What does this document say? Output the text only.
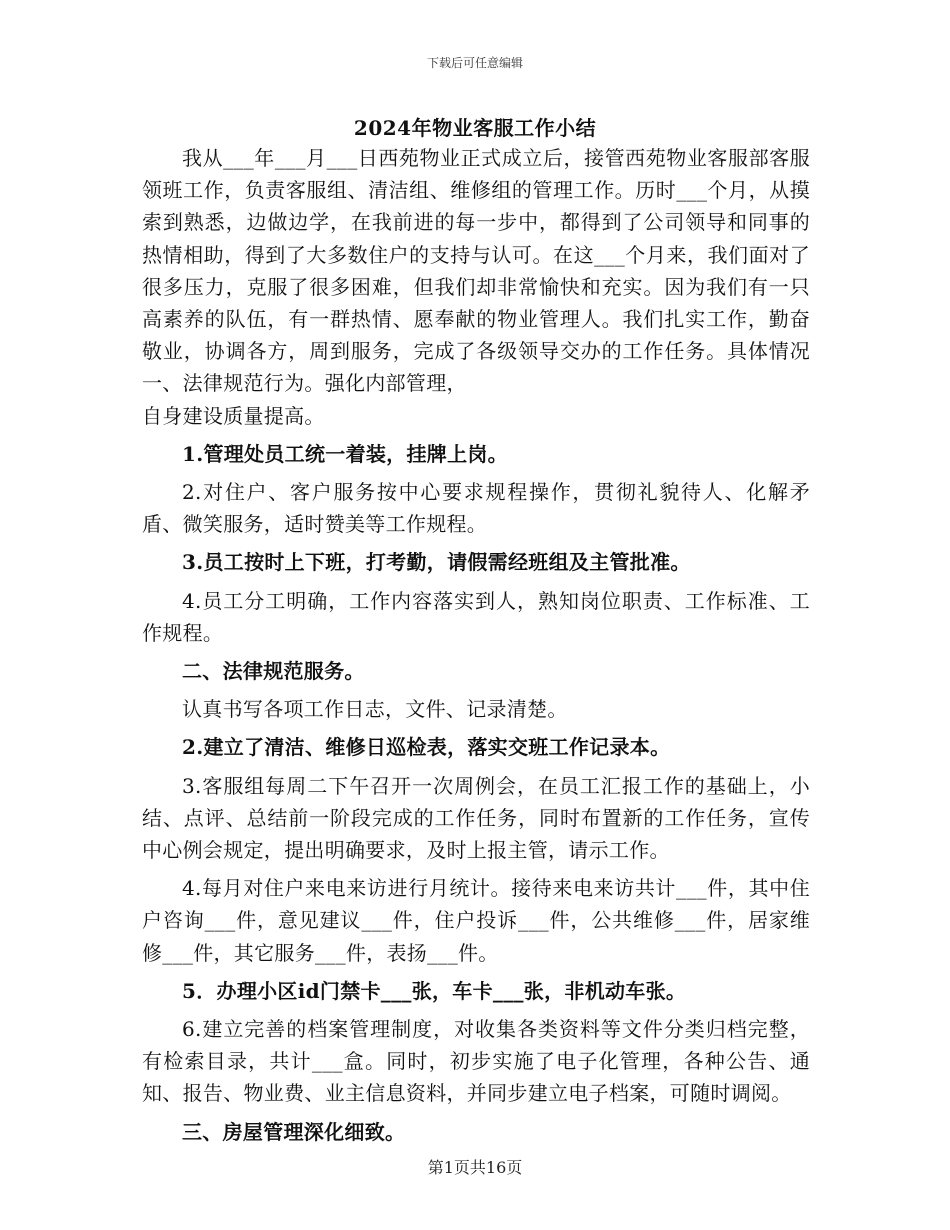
下载后可任意编辑
2024年物业客服工作小结

我从___年___月___日西苑物业正式成立后，接管西苑物业客服部客服领班工作，负责客服组、清洁组、维修组的管理工作。历时___个月，从摸索到熟悉，边做边学，在我前进的每一步中，都得到了公司领导和同事的热情相助，得到了大多数住户的支持与认可。在这___个月来，我们面对了很多压力，克服了很多困难，但我们却非常愉快和充实。因为我们有一只高素养的队伍，有一群热情、愿奉献的物业管理人。我们扎实工作，勤奋敬业，协调各方，周到服务，完成了各级领导交办的工作任务。具体情况一、法律规范行为。强化内部管理，

自身建设质量提高。

1.管理处员工统一着装，挂牌上岗。

2.对住户、客户服务按中心要求规程操作，贯彻礼貌待人、化解矛盾、微笑服务，适时赞美等工作规程。

3.员工按时上下班，打考勤，请假需经班组及主管批准。

4.员工分工明确，工作内容落实到人，熟知岗位职责、工作标准、工作规程。

二、法律规范服务。

认真书写各项工作日志，文件、记录清楚。

2.建立了清洁、维修日巡检表，落实交班工作记录本。

3.客服组每周二下午召开一次周例会，在员工汇报工作的基础上，小结、点评、总结前一阶段完成的工作任务，同时布置新的工作任务，宣传中心例会规定，提出明确要求，及时上报主管，请示工作。

4.每月对住户来电来访进行月统计。接待来电来访共计___件，其中住户咨询___件，意见建议___件，住户投诉___件，公共维修___件，居家维修___件，其它服务___件，表扬___件。

5．办理小区id门禁卡___张，车卡___张，非机动车张。

6.建立完善的档案管理制度，对收集各类资料等文件分类归档完整，有检索目录，共计___盒。同时，初步实施了电子化管理，各种公告、通知、报告、物业费、业主信息资料，并同步建立电子档案，可随时调阅。

三、房屋管理深化细致。

第1页共16页
